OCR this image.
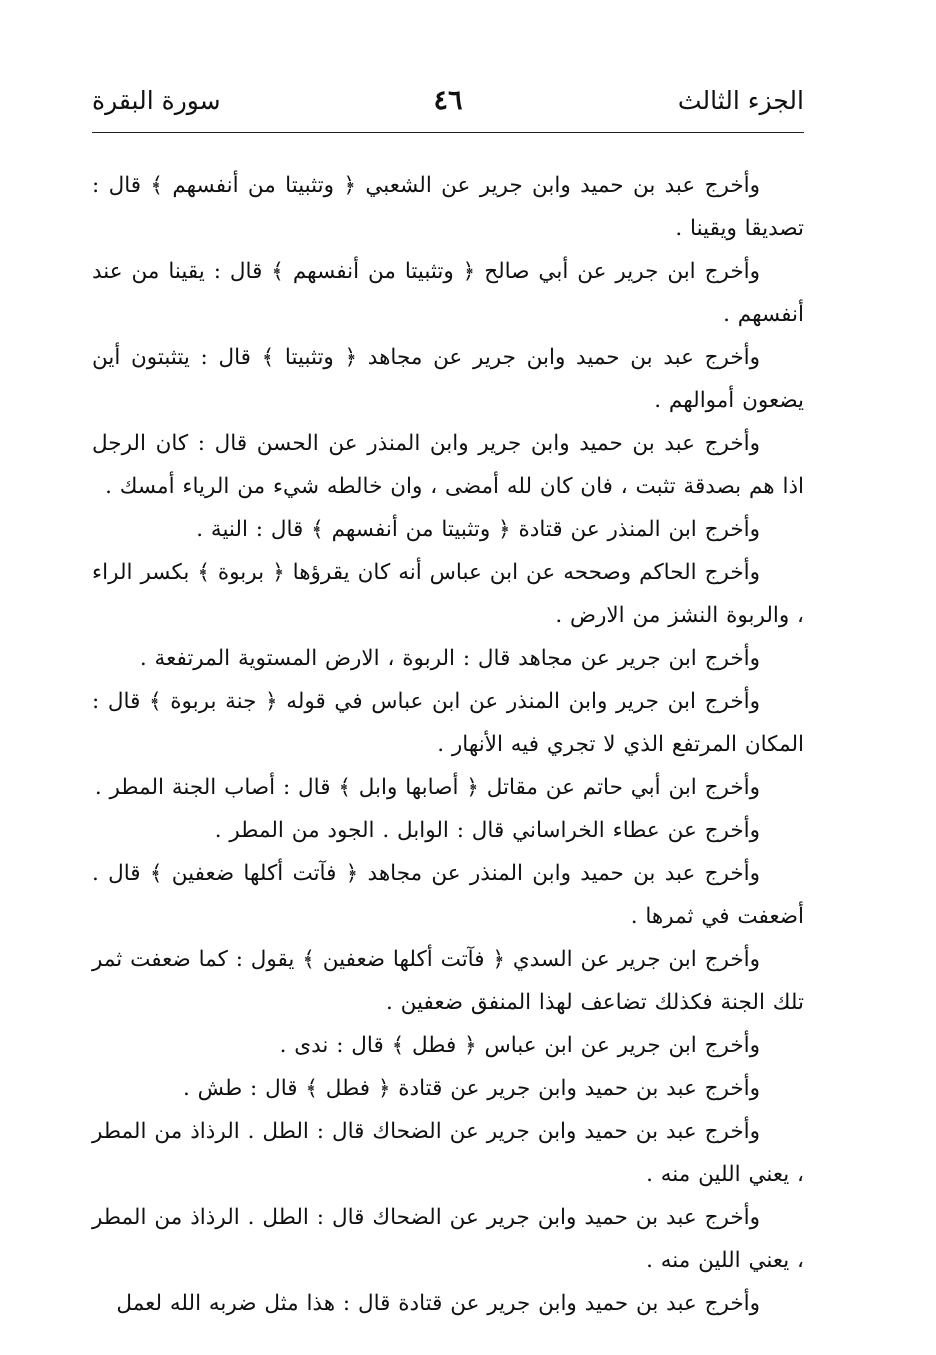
الجزء الثالث
٤٦
سورة البقرة

وأخرج عبد بن حميد وابن جرير عن الشعبي ﴿ وتثبيتا من أنفسهم ﴾ قال : تصديقا ويقينا .

وأخرج ابن جرير عن أبي صالح ﴿ وتثبيتا من أنفسهم ﴾ قال : يقينا من عند أنفسهم .

وأخرج عبد بن حميد وابن جرير عن مجاهد ﴿ وتثبيتا ﴾ قال : يتثبتون أين يضعون أموالهم .

وأخرج عبد بن حميد وابن جرير وابن المنذر عن الحسن قال : كان الرجل اذا هم بصدقة تثبت ، فان كان لله أمضى ، وان خالطه شيء من الرياء أمسك .

وأخرج ابن المنذر عن قتادة ﴿ وتثبيتا من أنفسهم ﴾ قال : النية .

وأخرج الحاكم وصححه عن ابن عباس أنه كان يقرؤها ﴿ بربوة ﴾ بكسر الراء ، والربوة النشز من الارض .

وأخرج ابن جرير عن مجاهد قال : الربوة ، الارض المستوية المرتفعة .

وأخرج ابن جرير وابن المنذر عن ابن عباس في قوله ﴿ جنة بربوة ﴾ قال : المكان المرتفع الذي لا تجري فيه الأنهار .

وأخرج ابن أبي حاتم عن مقاتل ﴿ أصابها وابل ﴾ قال : أصاب الجنة المطر .

وأخرج عن عطاء الخراساني قال : الوابل . الجود من المطر .

وأخرج عبد بن حميد وابن المنذر عن مجاهد ﴿ فآتت أكلها ضعفين ﴾ قال . أضعفت في ثمرها .

وأخرج ابن جرير عن السدي ﴿ فآتت أكلها ضعفين ﴾ يقول : كما ضعفت ثمر تلك الجنة فكذلك تضاعف لهذا المنفق ضعفين .

وأخرج ابن جرير عن ابن عباس ﴿ فطل ﴾ قال : ندى .

وأخرج عبد بن حميد وابن جرير عن قتادة ﴿ فطل ﴾ قال : طش .

وأخرج عبد بن حميد وابن جرير عن الضحاك قال : الطل . الرذاذ من المطر ، يعني اللين منه .

وأخرج عبد بن حميد وابن جرير عن الضحاك قال : الطل . الرذاذ من المطر ، يعني اللين منه .

وأخرج عبد بن حميد وابن جرير عن قتادة قال : هذا مثل ضربه الله لعمل
